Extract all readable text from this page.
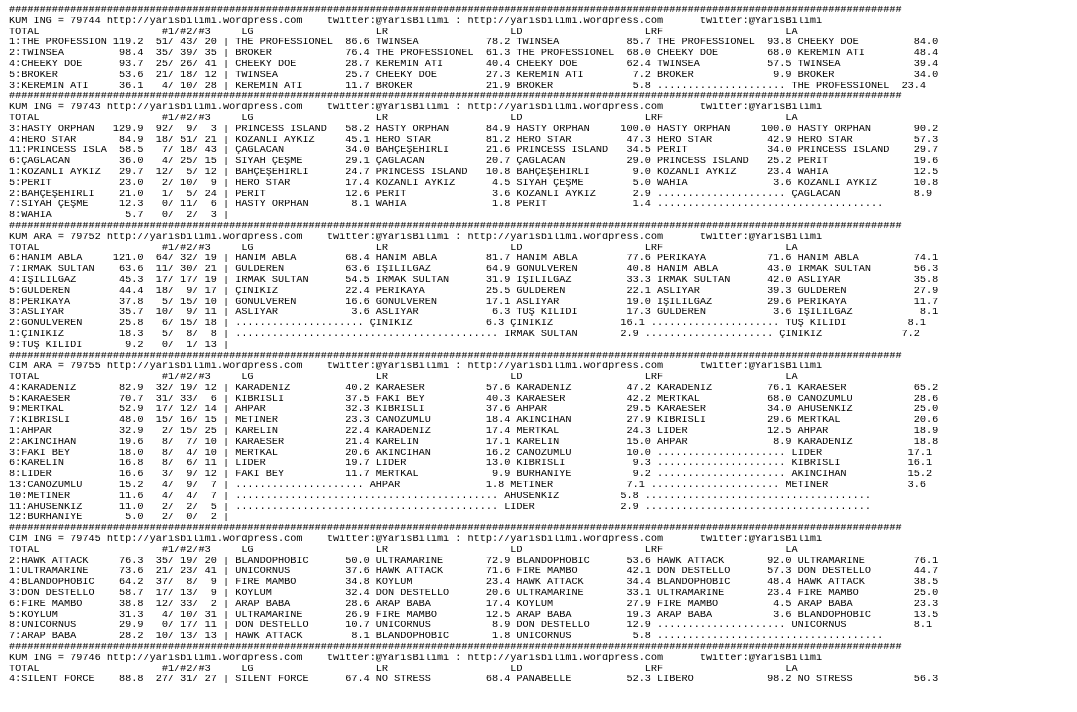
##################################################################################################################################################
KUM ING = 79744 http://yarisbilimi.wordpress.com    twitter:@YarisBilimi : http://yarisbilimi.wordpress.com      twitter:@YarisBilimi
TOTAL                    #1/#2/#3     LG                    LR                    LD                    LRF                    LA
1:THE PROFESSION 119.2  51/ 43/ 20 | THE PROFESSIONEL  86.6 TWINSEA           78.2 TWINSEA           85.7 THE PROFESSIONEL  93.8 CHEEKY DOE         84.0
2:TWINSEA         98.4  35/ 39/ 35 | BROKER            76.4 THE PROFESSIONEL  61.3 THE PROFESSIONEL  68.0 CHEEKY DOE        68.0 KEREMIN ATI        48.4
4:CHEEKY DOE      93.7  25/ 26/ 41 | CHEEKY DOE        28.7 KEREMIN ATI       40.4 CHEEKY DOE        62.4 TWINSEA           57.5 TWINSEA            39.4
5:BROKER          53.6  21/ 18/ 12 | TWINSEA           25.7 CHEEKY DOE        27.3 KEREMIN ATI        7.2 BROKER             9.9 BROKER             34.0
3:KEREMIN ATI     36.1   4/ 10/ 28 | KEREMIN ATI       11.7 BROKER            21.9 BROKER             5.8 ..................... THE PROFESSIONEL  23.4
##################################################################################################################################################
KUM ING = 79743 http://yarisbilimi.wordpress.com    twitter:@YarisBilimi : http://yarisbilimi.wordpress.com      twitter:@YarisBilimi
TOTAL                    #1/#2/#3     LG                    LR                    LD                    LRF                    LA
3:HASTY ORPHAN   129.9  92/  9/  3 | PRINCESS ISLAND   58.2 HASTY ORPHAN      84.9 HASTY ORPHAN     100.0 HASTY ORPHAN     100.0 HASTY ORPHAN       90.2
4:HERO STAR       84.9  18/ 51/ 21 | KOZANLI AYKIZ     45.1 HERO STAR         81.2 HERO STAR         47.3 HERO STAR         42.9 HERO STAR          57.3
11:PRINCESS ISLA  58.5   7/ 18/ 43 | ÇAĞLACAN          34.0 BAHÇEŞEHİRLİ      21.6 PRINCESS ISLAND   34.5 PERIT             34.0 PRINCESS ISLAND    29.7
6:ÇAĞLACAN        36.0   4/ 25/ 15 | SİYAH ÇEŞME       29.1 ÇAĞLACAN          20.7 ÇAĞLACAN          29.0 PRINCESS ISLAND   25.2 PERIT              19.6
1:KOZANLI AYKIZ   29.7  12/  5/ 12 | BAHÇEŞEHİRLİ      24.7 PRINCESS ISLAND   10.8 BAHÇEŞEHİRLİ       9.0 KOZANLI AYKIZ     23.4 WAHIA              12.5
5:PERIT           23.0   2/ 10/  9 | HERO STAR         17.4 KOZANLI AYKIZ      4.5 SİYAH ÇEŞME        5.0 WAHIA              3.6 KOZANLI AYKIZ      10.8
2:BAHÇEŞEHİRLİ    21.0   1/  5/ 24 | PERIT             12.6 PERIT              3.6 KOZANLI AYKIZ      2.9 ..................... ÇAĞLACAN            8.9
7:SİYAH ÇEŞME     12.3   0/ 11/  6 | HASTY ORPHAN       8.1 WAHIA              1.8 PERIT              1.4 .....................................
8:WAHIA            5.7   0/  2/  3 |
##################################################################################################################################################
KUM ARA = 79752 http://yarisbilimi.wordpress.com    twitter:@YarisBilimi : http://yarisbilimi.wordpress.com      twitter:@YarisBilimi
TOTAL                    #1/#2/#3     LG                    LR                    LD                    LRF                    LA
6:HANIM ABLA     121.0  64/ 32/ 19 | HANIM ABLA        68.4 HANIM ABLA        81.7 HANIM ABLA        77.6 PERİKAYA          71.6 HANIM ABLA         74.1
7:IRMAK SULTAN    63.6  11/ 30/ 21 | GÜLDEREN          63.6 IŞILILGAZ         64.9 GÖNÜLVEREN        40.8 HANIM ABLA        43.0 IRMAK SULTAN       56.3
4:IŞILILGAZ       45.3  17/ 17/ 19 | IRMAK SULTAN      54.5 IRMAK SULTAN      31.9 IŞILILGAZ         33.3 IRMAK SULTAN      42.0 ASLIYAR            35.8
5:GÜLDEREN        44.4  18/  9/ 17 | ÇINIKIZ           22.4 PERİKAYA          25.5 GÜLDEREN          22.1 ASLIYAR           39.3 GÜLDEREN           27.9
8:PERİKAYA        37.8   5/ 15/ 10 | GÖNÜLVEREN        16.6 GÖNÜLVEREN        17.1 ASLIYAR           19.0 IŞILILGAZ         29.6 PERİKAYA           11.7
3:ASLIYAR         35.7  10/  9/ 11 | ASLIYAR            3.6 ASLIYAR            6.3 TUŞ KİLİDİ        17.3 GÜLDEREN           3.6 IŞILILGAZ           8.1
2:GÖNÜLVEREN      25.8   6/ 15/ 18 | ..................... ÇINIKIZ            6.3 ÇINIKIZ           16.1 ..................... TUŞ KİLİDİ          8.1
1:ÇINIKIZ         18.3   5/  8/  8 | ........................................... IRMAK SULTAN       2.9 ..................... ÇINIKIZ             7.2
9:TUŞ KİLİDİ       9.2   0/  1/ 13 |
##################################################################################################################################################
CIM ARA = 79755 http://yarisbilimi.wordpress.com    twitter:@YarisBilimi : http://yarisbilimi.wordpress.com      twitter:@YarisBilimi
TOTAL                    #1/#2/#3     LG                    LR                    LD                    LRF                    LA
4:KARADENİZ       82.9  32/ 19/ 12 | KARADENİZ         40.2 KARAESER          57.6 KARADENİZ         47.2 KARADENİZ         76.1 KARAESER           65.2
5:KARAESER        70.7  31/ 33/  6 | KIBRISLI          37.5 FAKI BEY          40.3 KARAESER          42.2 MERTKAL           68.0 CANÖZÜMLÜ          28.6
9:MERTKAL         52.9  17/ 12/ 14 | AHPAR             32.3 KIBRISLI          37.6 AHPAR             29.5 KARAESER          34.0 AHUSENKIZ          25.0
7:KIBRISLI        48.0  15/ 16/ 15 | METİNER           23.3 CANÖZÜMLÜ         18.4 AKINCIHAN         27.9 KIBRISLI          29.6 MERTKAL            20.6
1:AHPAR           32.9   2/ 15/ 25 | KARELİN           22.4 KARADENİZ         17.4 MERTKAL           24.3 LİDER             12.5 AHPAR              18.9
2:AKINCIHAN       19.6   8/  7/ 10 | KARAESER          21.4 KARELİN           17.1 KARELİN           15.0 AHPAR              8.9 KARADENİZ          18.8
3:FAKI BEY        18.0   8/  4/ 10 | MERTKAL           20.6 AKINCIHAN         16.2 CANÖZÜMLÜ         10.0 ..................... LİDER              17.1
6:KARELİN         16.8   8/  6/ 11 | LİDER             19.7 LİDER             13.0 KIBRISLI           9.3 ..................... KIBRISLI           16.1
8:LİDER           16.6   3/  9/ 12 | FAKI BEY          11.7 MERTKAL            9.9 BURHANİYE          9.2 ..................... AKINCIHAN          15.2
13:CANÖZÜMLÜ      15.2   4/  9/  7 | ..................... AHPAR              1.8 METİNER            7.1 ..................... METİNER             3.6
10:METİNER        11.6   4/  4/  7 | ........................................... AHUSENKIZ          5.8 .....................................
11:AHUSENKIZ      11.0   2/  2/  5 | ........................................... LİDER              2.9 .....................................
12:BURHANİYE       5.0   2/  0/  2 |
##################################################################################################################################################
CIM ING = 79745 http://yarisbilimi.wordpress.com    twitter:@YarisBilimi : http://yarisbilimi.wordpress.com      twitter:@YarisBilimi
TOTAL                    #1/#2/#3     LG                    LR                    LD                    LRF                    LA
2:HAWK ATTACK     76.3  35/ 19/ 20 | BLANDOPHOBIC      50.0 ULTRAMARINE       72.9 BLANDOPHOBIC      53.6 HAWK ATTACK       92.0 ULTRAMARINE        76.1
1:ULTRAMARINE     73.6  21/ 23/ 41 | UNICORNUS         37.6 HAWK ATTACK       71.6 FIRE MAMBO        42.1 DON DESTELLO      57.3 DON DESTELLO       44.7
4:BLANDOPHOBIC    64.2  37/  8/  9 | FIRE MAMBO        34.8 KÖYLÜM            23.4 HAWK ATTACK       34.4 BLANDOPHOBIC      48.4 HAWK ATTACK        38.5
3:DON DESTELLO    58.7  17/ 13/  9 | KÖYLÜM            32.4 DON DESTELLO      20.6 ULTRAMARINE       33.1 ULTRAMARINE       23.4 FIRE MAMBO         25.0
6:FIRE MAMBO      38.8  12/ 33/  2 | ARAP BABA         28.6 ARAP BABA         17.4 KÖYLÜM            27.9 FIRE MAMBO         4.5 ARAP BABA          23.3
5:KÖYLÜM          31.3   4/ 10/ 31 | ULTRAMARINE       26.9 FIRE MAMBO        12.5 ARAP BABA         19.3 ARAP BABA          3.6 BLANDOPHOBIC       13.5
8:UNICORNUS       29.9   0/ 17/ 11 | DON DESTELLO      10.7 UNICORNUS          8.9 DON DESTELLO      12.9 ..................... UNICORNUS           8.1
7:ARAP BABA       28.2  10/ 13/ 13 | HAWK ATTACK        8.1 BLANDOPHOBIC       1.8 UNICORNUS          5.8 .....................................
##################################################################################################################################################
KUM ING = 79746 http://yarisbilimi.wordpress.com    twitter:@YarisBilimi : http://yarisbilimi.wordpress.com      twitter:@YarisBilimi
TOTAL                    #1/#2/#3     LG                    LR                    LD                    LRF                    LA
4:SILENT FORCE    88.8  27/ 31/ 27 | SILENT FORCE      67.4 NO STRESS         68.4 PANABELLE         52.3 LIBERO            98.2 NO STRESS          56.3
